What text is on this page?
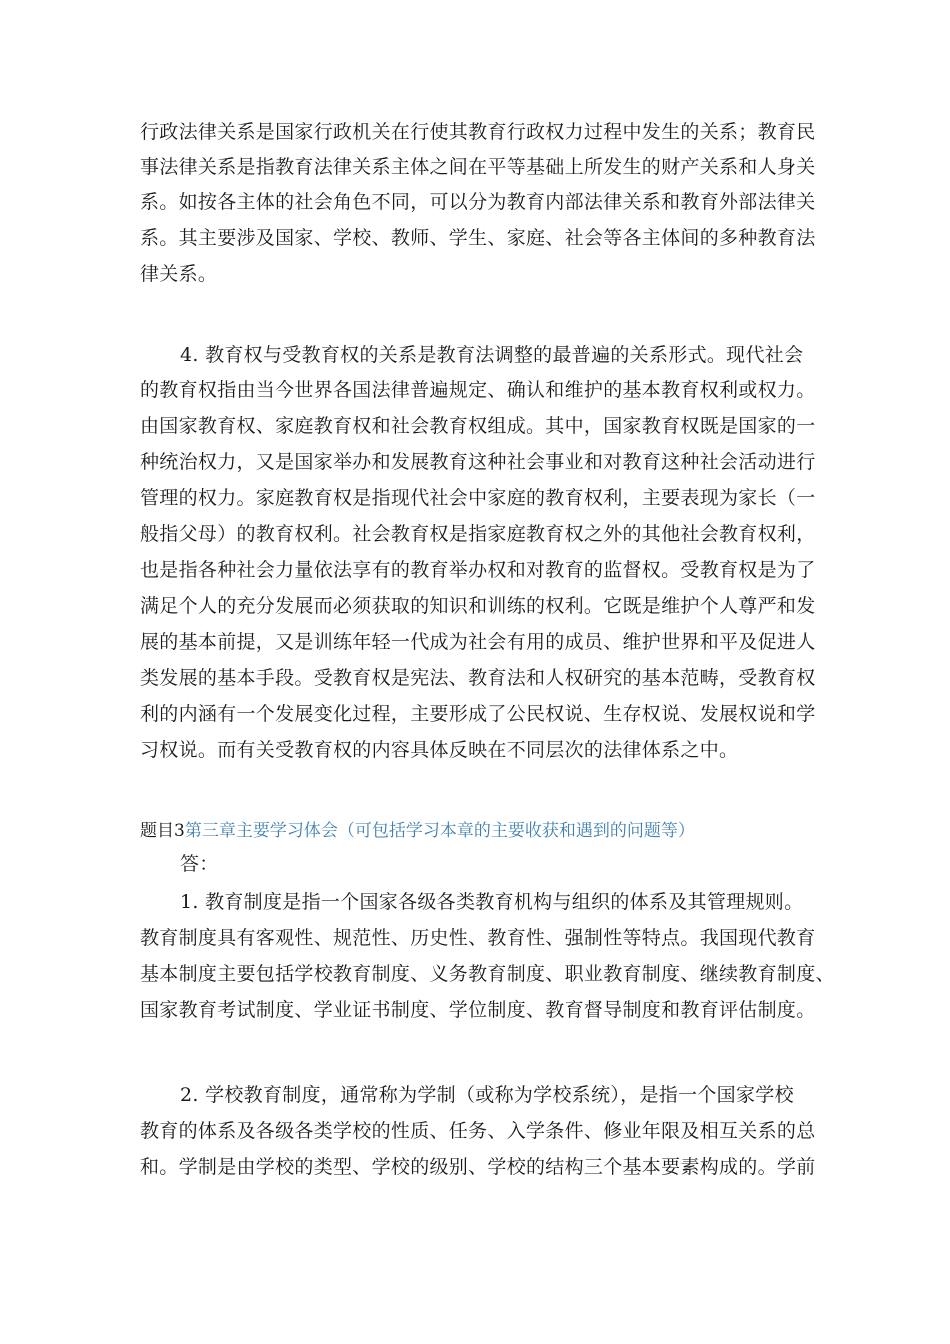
行政法律关系是国家行政机关在行使其教育行政权力过程中发生的关系；教育民
事法律关系是指教育法律关系主体之间在平等基础上所发生的财产关系和人身关
系。如按各主体的社会角色不同，可以分为教育内部法律关系和教育外部法律关
系。其主要涉及国家、学校、教师、学生、家庭、社会等各主体间的多种教育法
律关系。
4. 教育权与受教育权的关系是教育法调整的最普遍的关系形式。现代社会
的教育权指由当今世界各国法律普遍规定、确认和维护的基本教育权利或权力。
由国家教育权、家庭教育权和社会教育权组成。其中，国家教育权既是国家的一
种统治权力，又是国家举办和发展教育这种社会事业和对教育这种社会活动进行
管理的权力。家庭教育权是指现代社会中家庭的教育权利，主要表现为家长（一
般指父母）的教育权利。社会教育权是指家庭教育权之外的其他社会教育权利，
也是指各种社会力量依法享有的教育举办权和对教育的监督权。受教育权是为了
满足个人的充分发展而必须获取的知识和训练的权利。它既是维护个人尊严和发
展的基本前提，又是训练年轻一代成为社会有用的成员、维护世界和平及促进人
类发展的基本手段。受教育权是宪法、教育法和人权研究的基本范畴，受教育权
利的内涵有一个发展变化过程，主要形成了公民权说、生存权说、发展权说和学
习权说。而有关受教育权的内容具体反映在不同层次的法律体系之中。
题目3第三章主要学习体会（可包括学习本章的主要收获和遇到的问题等）
答：
1. 教育制度是指一个国家各级各类教育机构与组织的体系及其管理规则。
教育制度具有客观性、规范性、历史性、教育性、强制性等特点。我国现代教育
基本制度主要包括学校教育制度、义务教育制度、职业教育制度、继续教育制度、
国家教育考试制度、学业证书制度、学位制度、教育督导制度和教育评估制度。
2. 学校教育制度，通常称为学制（或称为学校系统），是指一个国家学校
教育的体系及各级各类学校的性质、任务、入学条件、修业年限及相互关系的总
和。学制是由学校的类型、学校的级别、学校的结构三个基本要素构成的。学前
